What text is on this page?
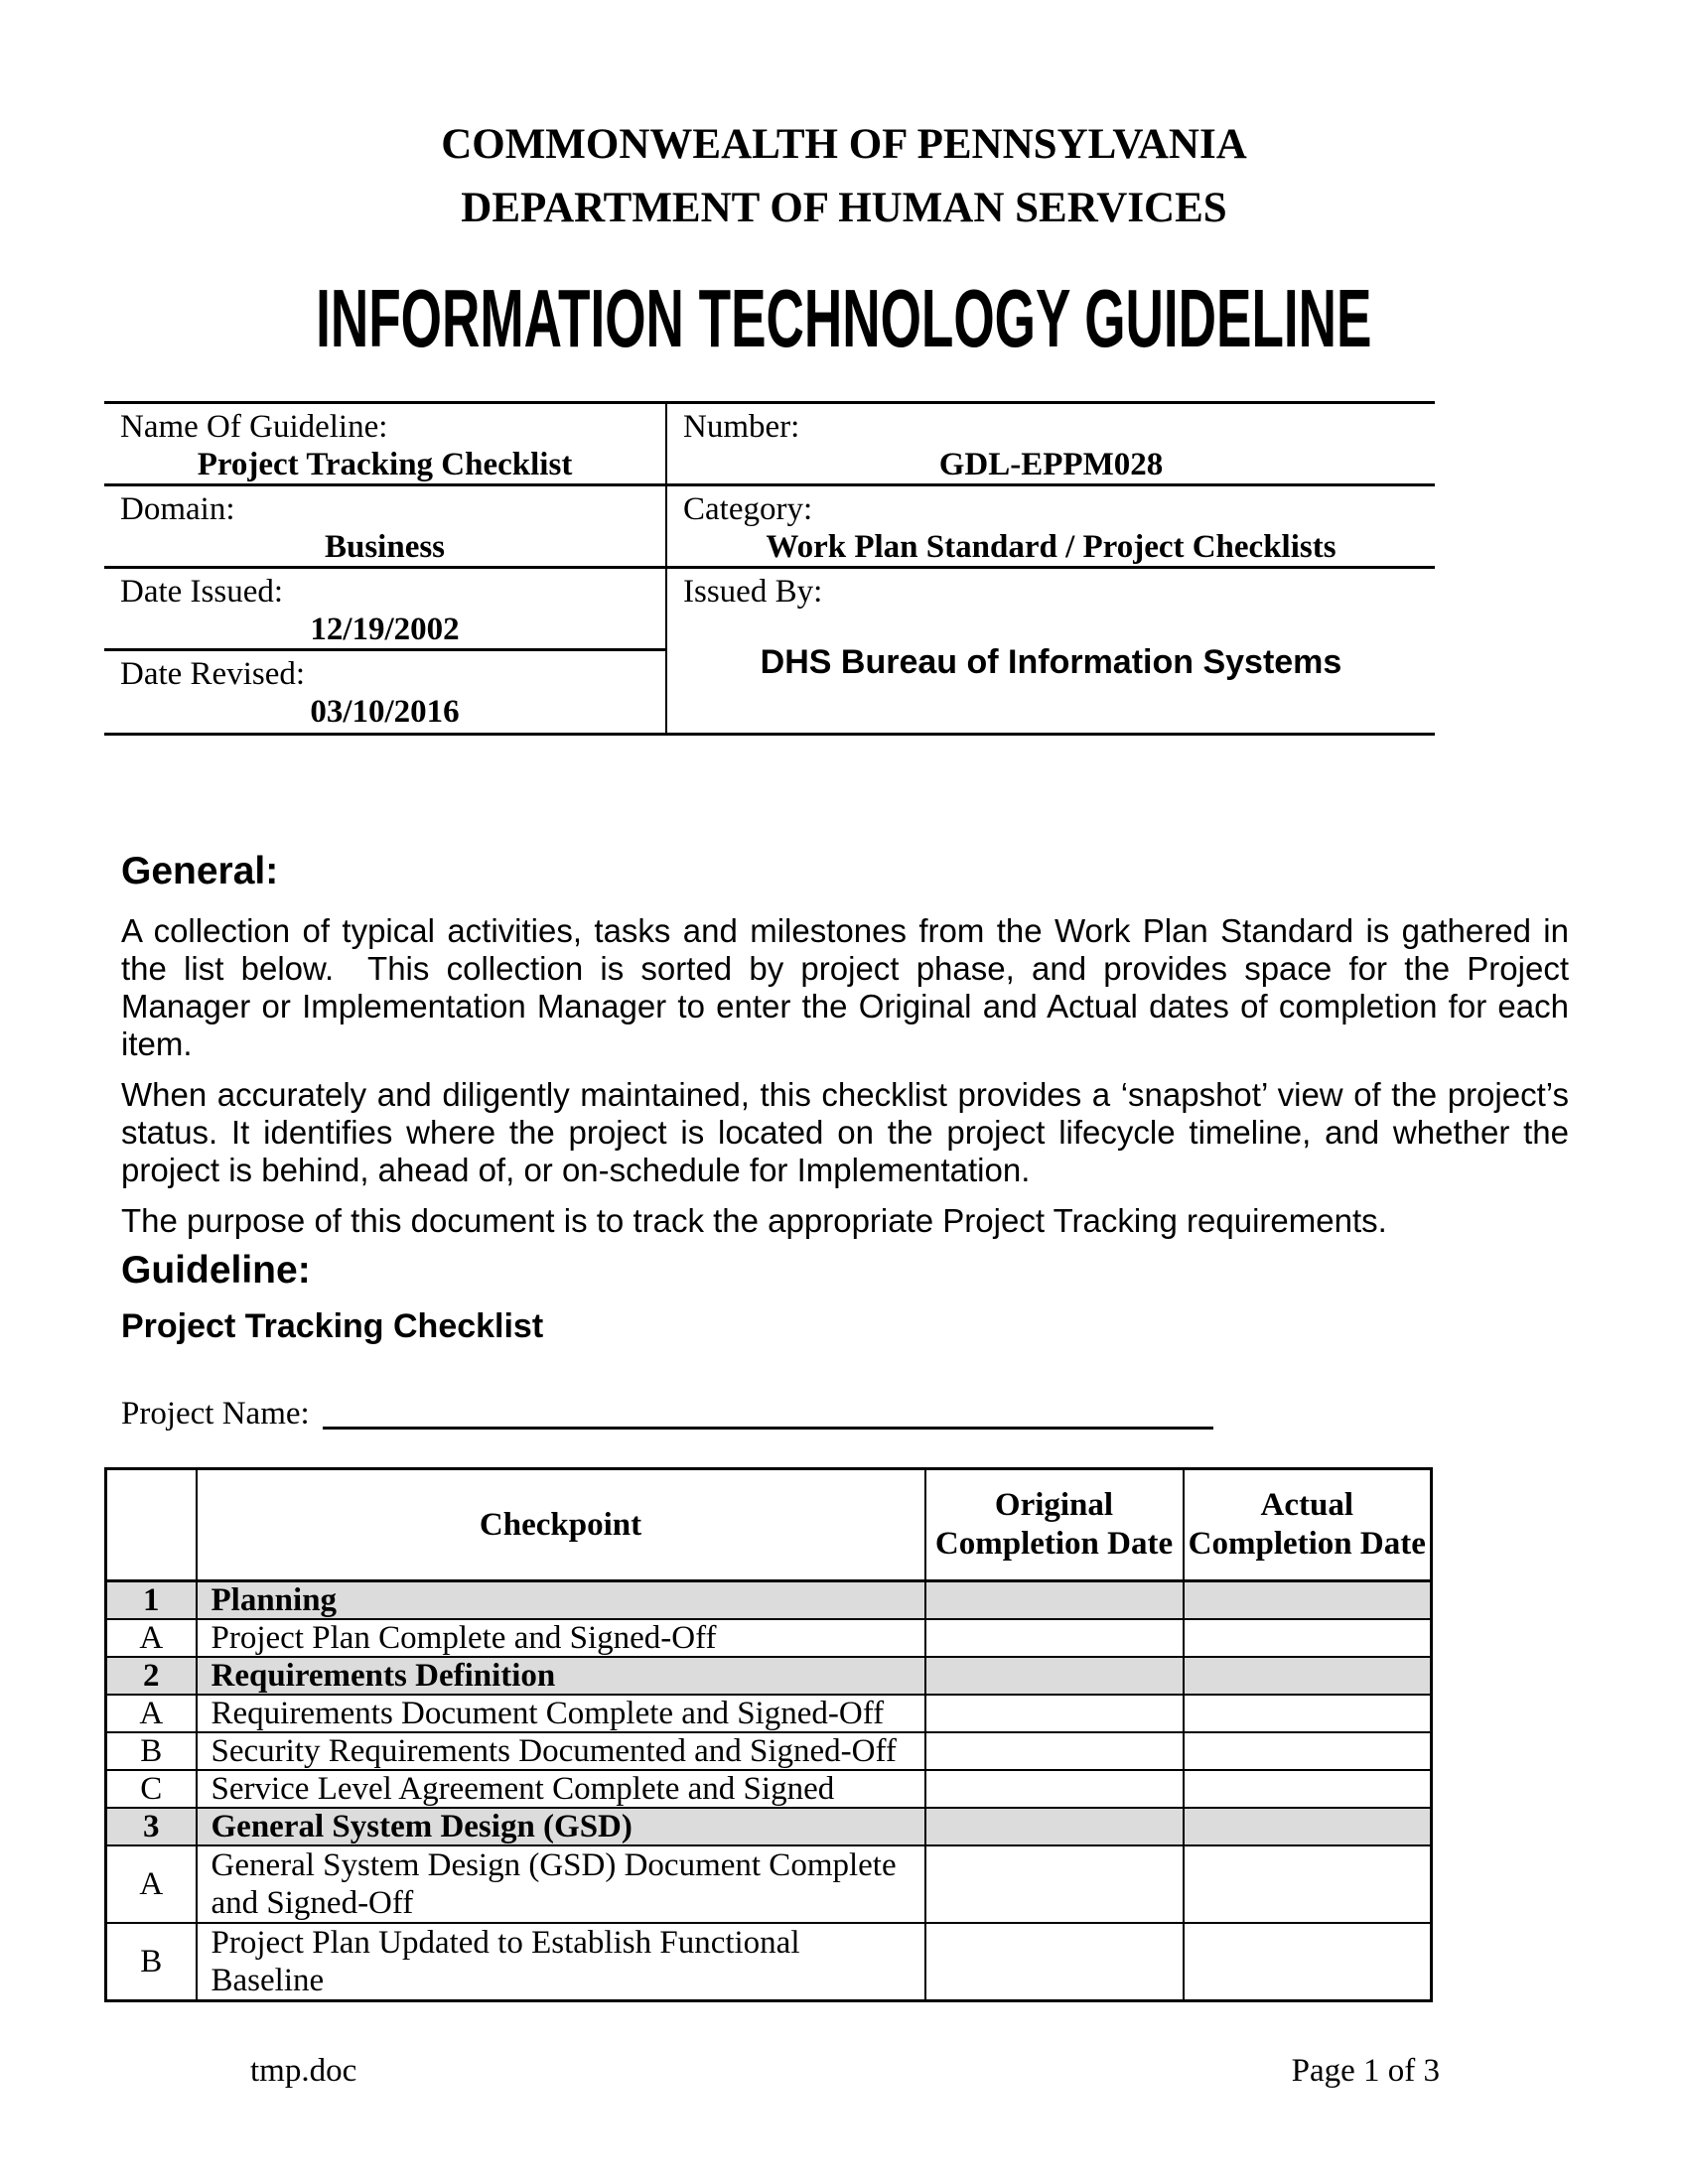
COMMONWEALTH OF PENNSYLVANIA
DEPARTMENT OF HUMAN SERVICES
INFORMATION TECHNOLOGY GUIDELINE
Name Of Guideline:
Project Tracking Checklist

Number:
GDL-EPPM028

Domain:
Business

Category:
Work Plan Standard / Project Checklists

Date Issued:
12/19/2002

Issued By:
DHS Bureau of Information Systems

Date Revised:
03/10/2016	
General:

A collection of typical activities, tasks and milestones from the Work Plan Standard is gathered in the list below.  This collection is sorted by project phase, and provides space for the Project Manager or Implementation Manager to enter the Original and Actual dates of completion for each item.

When accurately and diligently maintained, this checklist provides a ‘snapshot’ view of the project’s status. It identifies where the project is located on the project lifecycle timeline, and whether the project is behind, ahead of, or on-schedule for Implementation.

The purpose of this document is to track the appropriate Project Tracking requirements.

Guideline:
Project Tracking Checklist
Project Name:
	Checkpoint	Original Completion Date	Actual Completion Date
1	Planning		
A	Project Plan Complete and Signed-Off		
2	Requirements Definition		
A	Requirements Document Complete and Signed-Off		
B	Security Requirements Documented and Signed-Off		
C	Service Level Agreement Complete and Signed		
3	General System Design (GSD)		
A	General System Design (GSD) Document Complete and Signed-Off		
B	Project Plan Updated to Establish Functional Baseline		
tmp.doc	Page 1 of 3
